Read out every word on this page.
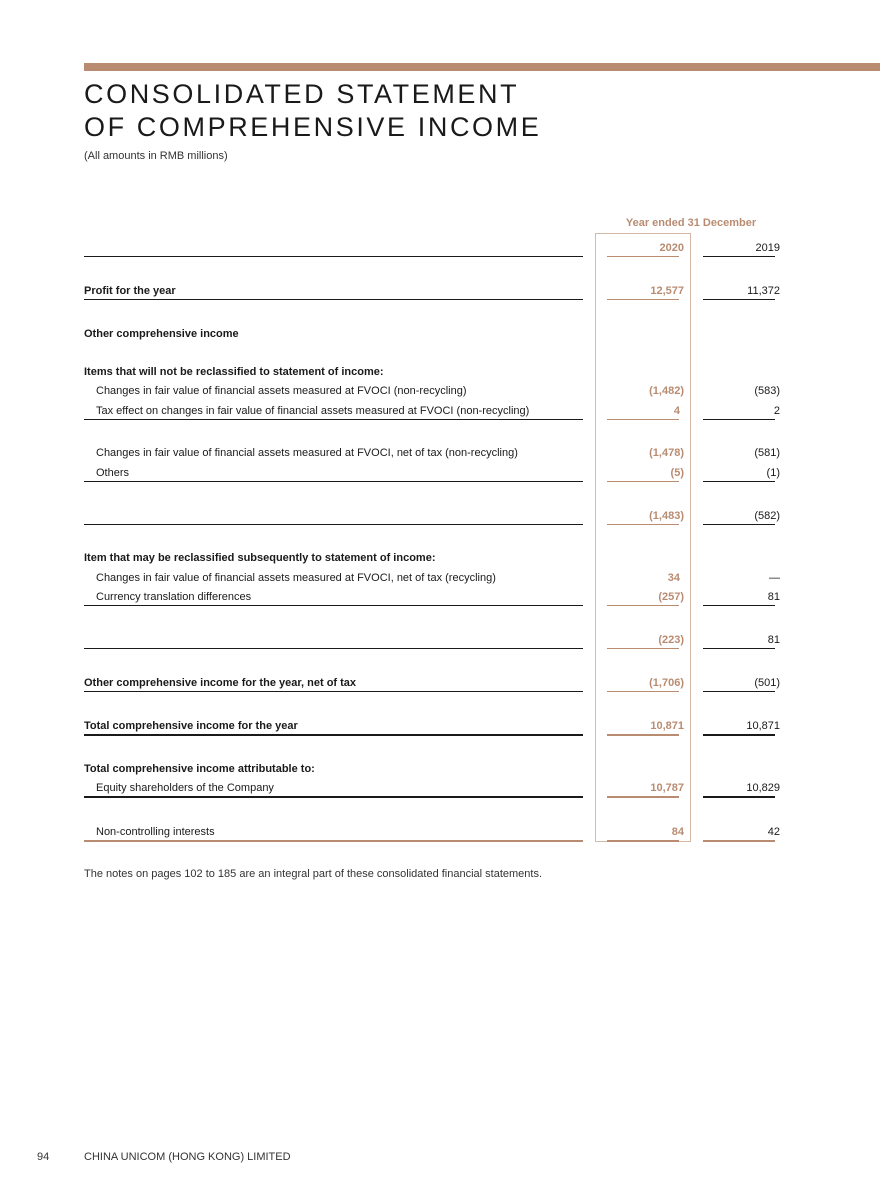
CONSOLIDATED STATEMENT
OF COMPREHENSIVE INCOME
(All amounts in RMB millions)
Year ended 31 December
2020	2019
Profit for the year	12,577	11,372
Other comprehensive income
Items that will not be reclassified to statement of income:
Changes in fair value of financial assets measured at FVOCI (non-recycling)	(1,482)	(583)
Tax effect on changes in fair value of financial assets measured at FVOCI (non-recycling)	4	2
Changes in fair value of financial assets measured at FVOCI, net of tax (non-recycling)	(1,478)	(581)
Others	(5)	(1)
(1,483)	(582)
Item that may be reclassified subsequently to statement of income:
Changes in fair value of financial assets measured at FVOCI, net of tax (recycling)	34	—
Currency translation differences	(257)	81
(223)	81
Other comprehensive income for the year, net of tax	(1,706)	(501)
Total comprehensive income for the year	10,871	10,871
Total comprehensive income attributable to:
Equity shareholders of the Company	10,787	10,829
Non-controlling interests	84	42
The notes on pages 102 to 185 are an integral part of these consolidated financial statements.
94	CHINA UNICOM (HONG KONG) LIMITED
